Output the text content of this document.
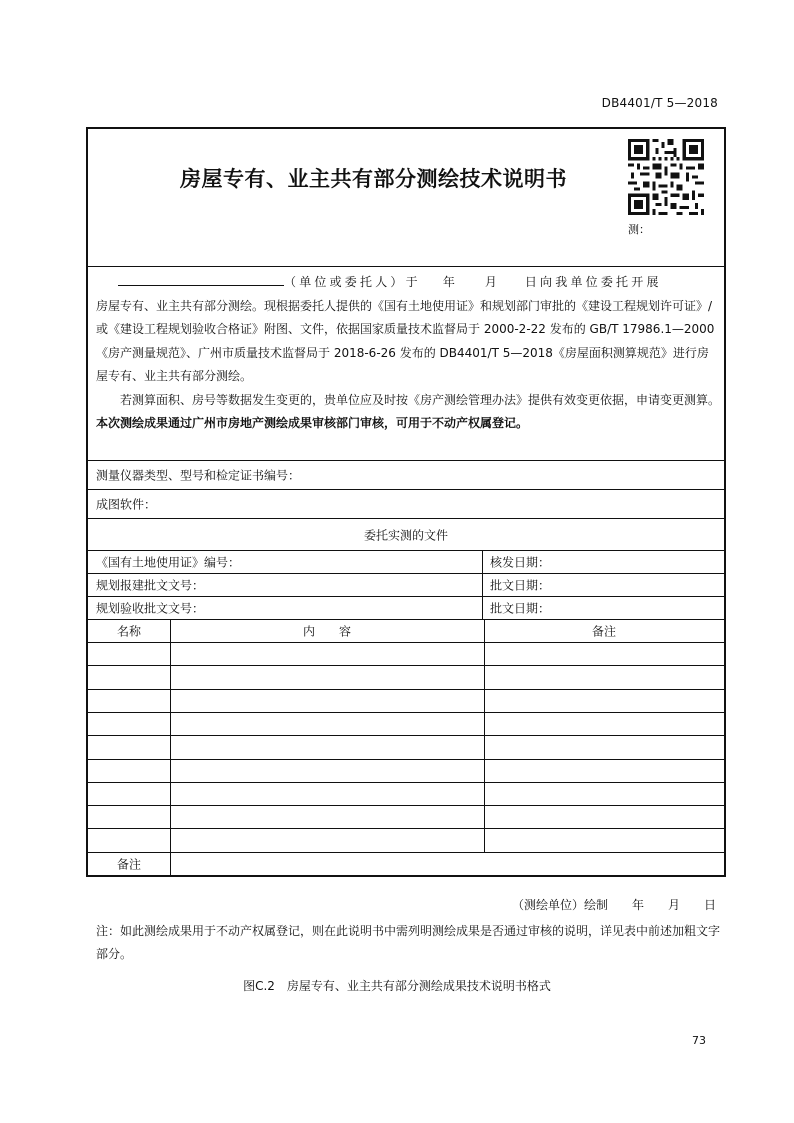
DB4401/T 5—2018
房屋专有、业主共有部分测绘技术说明书
测：

（单位或委托人）于 年	月 日向我单位委托开展

房屋专有、业主共有部分测绘。现根据委托人提供的《国有土地使用证》和规划部门审批的《建设工程规划许可证》/或《建设工程规划验收合格证》附图、文件，依据国家质量技术监督局于 2000-2-22 发布的 GB/T 17986.1—2000《房产测量规范》、广州市质量技术监督局于 2018-6-26 发布的 DB4401/T 5—2018《房屋面积测算规范》进行房屋专有、业主共有部分测绘。

若测算面积、房号等数据发生变更的，贵单位应及时按《房产测绘管理办法》提供有效变更依据，申请变更测算。本次测绘成果通过广州市房地产测绘成果审核部门审核，可用于不动产权属登记。

测量仪器类型、型号和检定证书编号：
成图软件：
委托实测的文件
《国有土地使用证》编号：	核发日期：
规划报建批文文号：	批文日期：
规划验收批文文号：	批文日期：
名称	内　　容	备注
备注
（测绘单位）绘制　　年　　月　　日
注：如此测绘成果用于不动产权属登记，则在此说明书中需列明测绘成果是否通过审核的说明，详见表中前述加粗文字部分。
图C.2　房屋专有、业主共有部分测绘成果技术说明书格式
73
